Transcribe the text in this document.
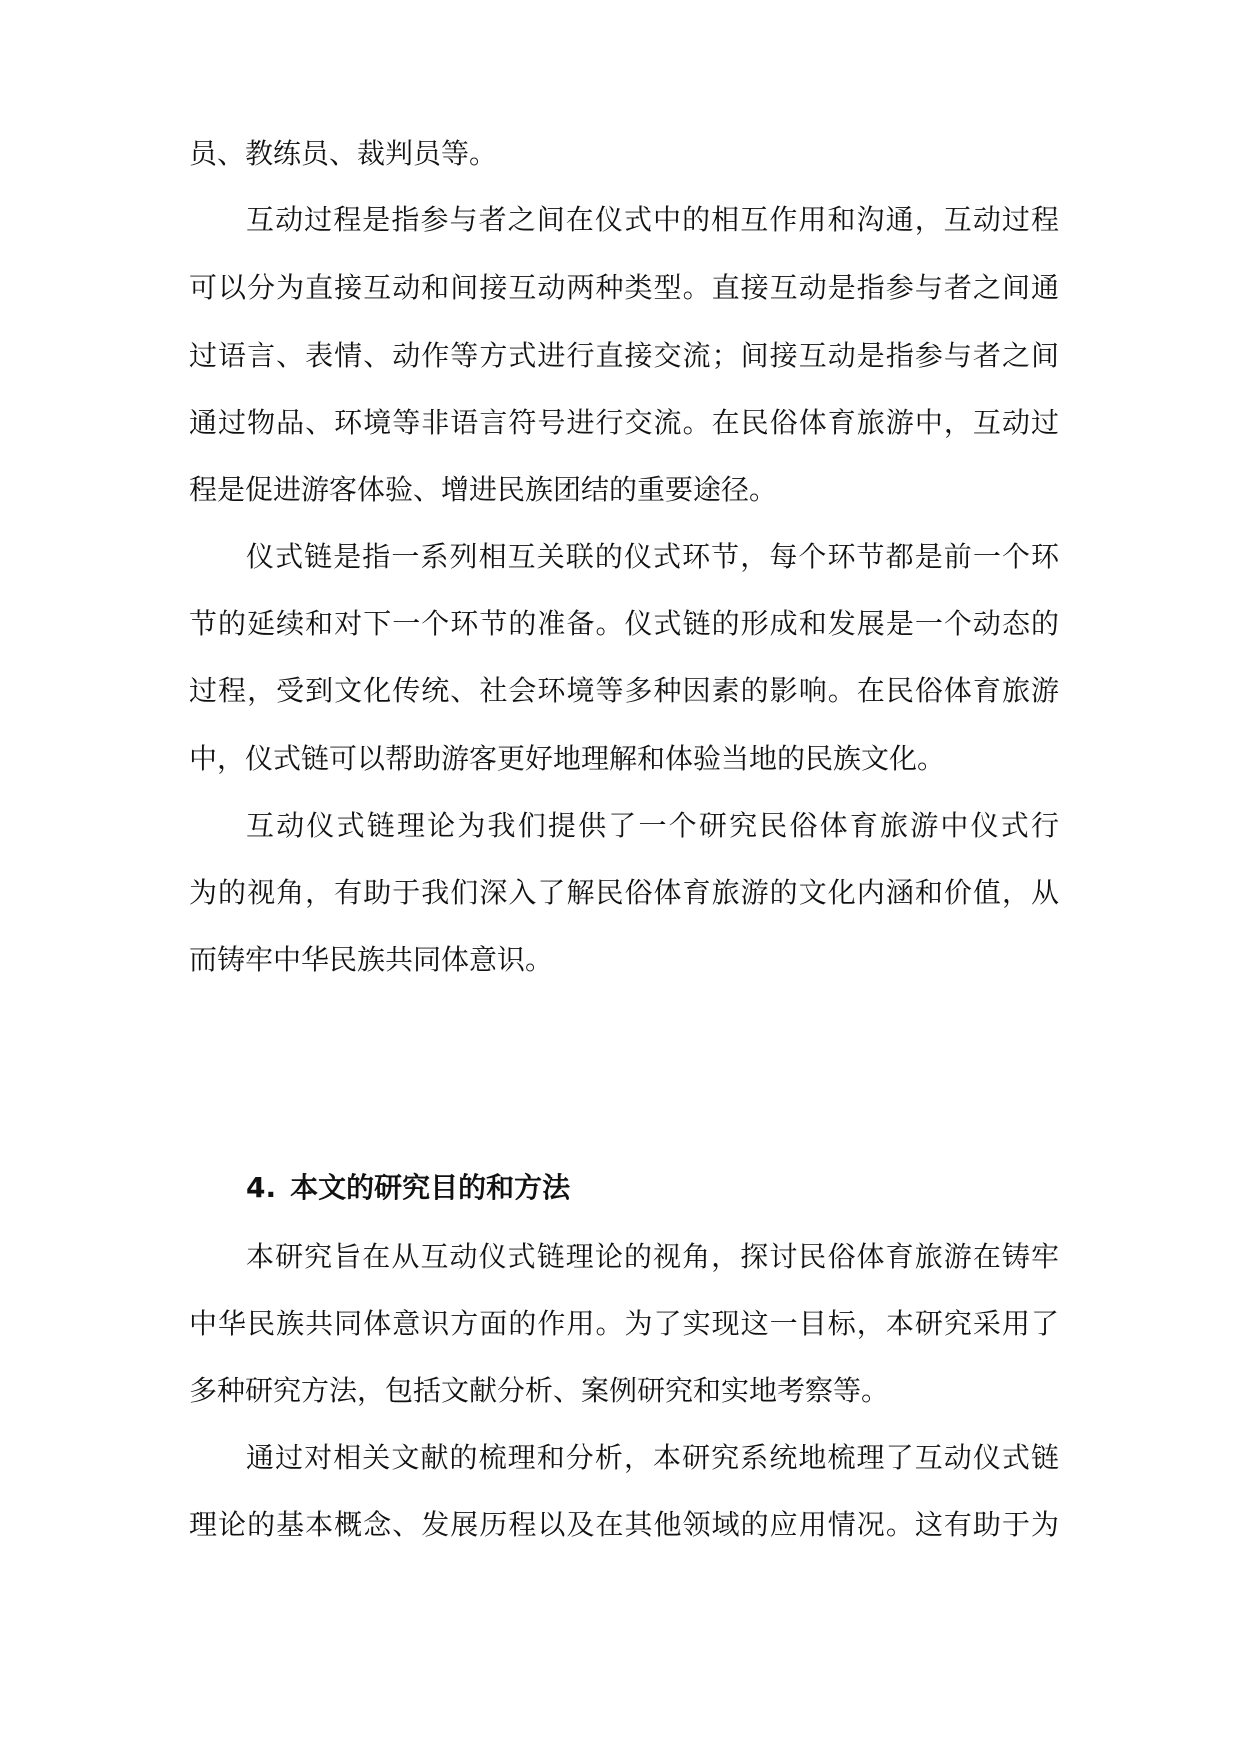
员、教练员、裁判员等。
互动过程是指参与者之间在仪式中的相互作用和沟通，互动过程
可以分为直接互动和间接互动两种类型。直接互动是指参与者之间通
过语言、表情、动作等方式进行直接交流；间接互动是指参与者之间
通过物品、环境等非语言符号进行交流。在民俗体育旅游中，互动过
程是促进游客体验、增进民族团结的重要途径。
仪式链是指一系列相互关联的仪式环节，每个环节都是前一个环
节的延续和对下一个环节的准备。仪式链的形成和发展是一个动态的
过程，受到文化传统、社会环境等多种因素的影响。在民俗体育旅游
中，仪式链可以帮助游客更好地理解和体验当地的民族文化。
互动仪式链理论为我们提供了一个研究民俗体育旅游中仪式行
为的视角，有助于我们深入了解民俗体育旅游的文化内涵和价值，从
而铸牢中华民族共同体意识。
4. 本文的研究目的和方法
本研究旨在从互动仪式链理论的视角，探讨民俗体育旅游在铸牢
中华民族共同体意识方面的作用。为了实现这一目标，本研究采用了
多种研究方法，包括文献分析、案例研究和实地考察等。
通过对相关文献的梳理和分析，本研究系统地梳理了互动仪式链
理论的基本概念、发展历程以及在其他领域的应用情况。这有助于为
